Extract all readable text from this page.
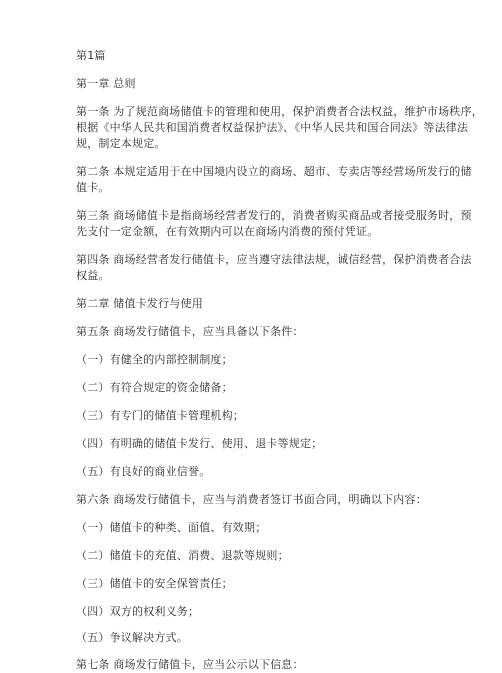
第1篇
第一章 总则
第一条 为了规范商场储值卡的管理和使用，保护消费者合法权益，维护市场秩序，
根据《中华人民共和国消费者权益保护法》、《中华人民共和国合同法》等法律法
规，制定本规定。
第二条 本规定适用于在中国境内设立的商场、超市、专卖店等经营场所发行的储
值卡。
第三条 商场储值卡是指商场经营者发行的，消费者购买商品或者接受服务时，预
先支付一定金额，在有效期内可以在商场内消费的预付凭证。
第四条 商场经营者发行储值卡，应当遵守法律法规，诚信经营，保护消费者合法
权益。
第二章 储值卡发行与使用
第五条 商场发行储值卡，应当具备以下条件：
（一）有健全的内部控制制度；
（二）有符合规定的资金储备；
（三）有专门的储值卡管理机构；
（四）有明确的储值卡发行、使用、退卡等规定；
（五）有良好的商业信誉。
第六条 商场发行储值卡，应当与消费者签订书面合同，明确以下内容：
（一）储值卡的种类、面值、有效期；
（二）储值卡的充值、消费、退款等规则；
（三）储值卡的安全保管责任；
（四）双方的权利义务；
（五）争议解决方式。
第七条 商场发行储值卡，应当公示以下信息：
